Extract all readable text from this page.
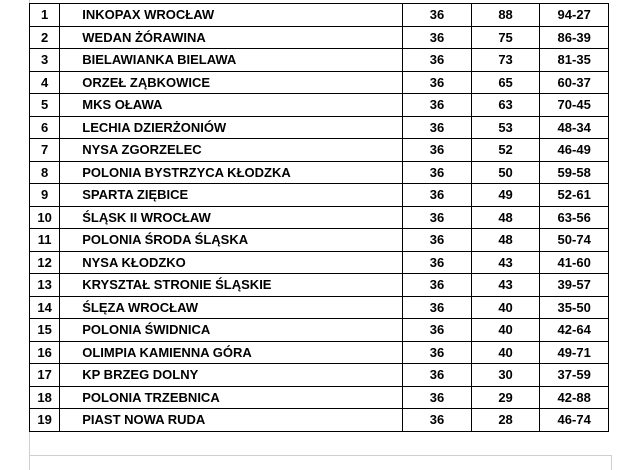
1	INKOPAX WROCŁAW	36	88	94-27
2	WEDAN ŻÓRAWINA	36	75	86-39
3	BIELAWIANKA BIELAWA	36	73	81-35
4	ORZEŁ ZĄBKOWICE	36	65	60-37
5	MKS OŁAWA	36	63	70-45
6	LECHIA DZIERŻONIÓW	36	53	48-34
7	NYSA ZGORZELEC	36	52	46-49
8	POLONIA BYSTRZYCA KŁODZKA	36	50	59-58
9	SPARTA ZIĘBICE	36	49	52-61
10	ŚLĄSK II WROCŁAW	36	48	63-56
11	POLONIA ŚRODA ŚLĄSKA	36	48	50-74
12	NYSA KŁODZKO	36	43	41-60
13	KRYSZTAŁ STRONIE ŚLĄSKIE	36	43	39-57
14	ŚLĘZA WROCŁAW	36	40	35-50
15	POLONIA ŚWIDNICA	36	40	42-64
16	OLIMPIA KAMIENNA GÓRA	36	40	49-71
17	KP BRZEG DOLNY	36	30	37-59
18	POLONIA TRZEBNICA	36	29	42-88
19	PIAST NOWA RUDA	36	28	46-74
